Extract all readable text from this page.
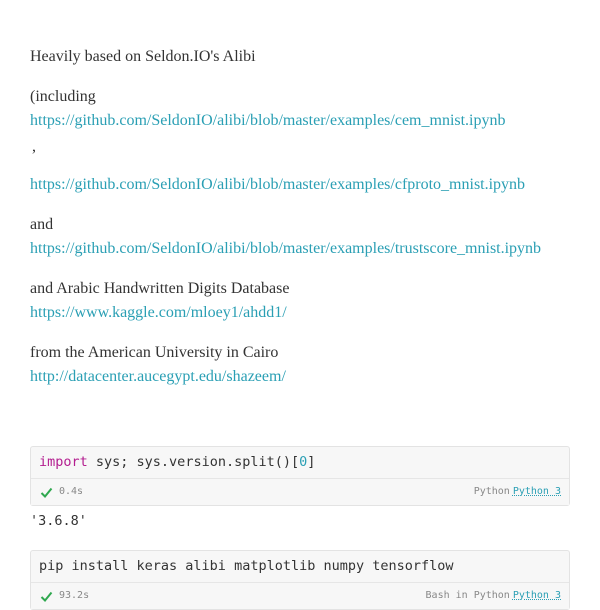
Heavily based on Seldon.IO's Alibi
(including
https://github.com/SeldonIO/alibi/blob/master/examples/cem_mnist.ipynb
,
https://github.com/SeldonIO/alibi/blob/master/examples/cfproto_mnist.ipynb
and
https://github.com/SeldonIO/alibi/blob/master/examples/trustscore_mnist.ipynb
and Arabic Handwritten Digits Database
https://www.kaggle.com/mloey1/ahdd1/
from the American University in Cairo
http://datacenter.aucegypt.edu/shazeem/
import sys; sys.version.split()[0]
0.4s	Python Python 3
'3.6.8'
pip install keras alibi matplotlib numpy tensorflow
93.2s	Bash in Python Python 3
